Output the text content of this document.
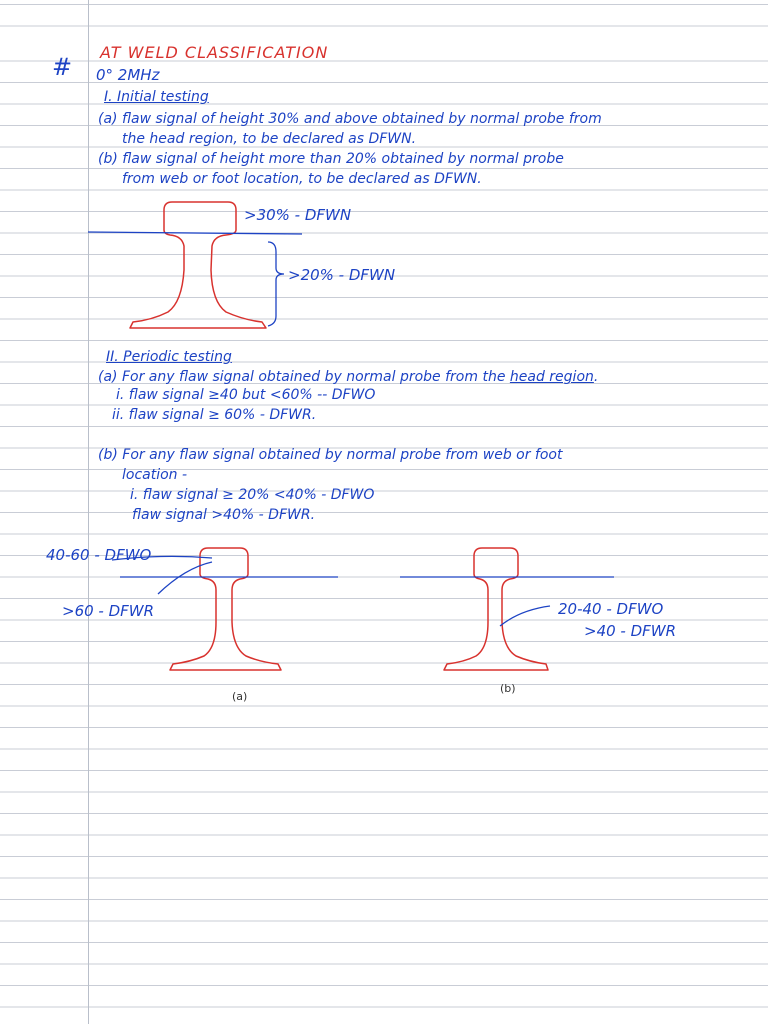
AT WELD CLASSIFICATION
# 0° 2MHz
I. Initial testing
(a) flaw signal of height 30% and above obtained by normal probe from
the head region, to be declared as DFWN.
(b) flaw signal of height more than 20% obtained by normal probe
from web or foot location, to be declared as DFWN.
>30% - DFWN
>20% - DFWN
II. Periodic testing
(a) For any flaw signal obtained by normal probe from the head region.
i. flaw signal ≥40 but <60% -- DFWO
ii. flaw signal ≥ 60% - DFWR.
(b) For any flaw signal obtained by normal probe from web or foot
location -
i. flaw signal ≥ 20% <40% - DFWO
flaw signal >40% - DFWR.
40-60 - DFWO
>60 - DFWR
(a)
20-40 - DFWO
>40 - DFWR
(b)
